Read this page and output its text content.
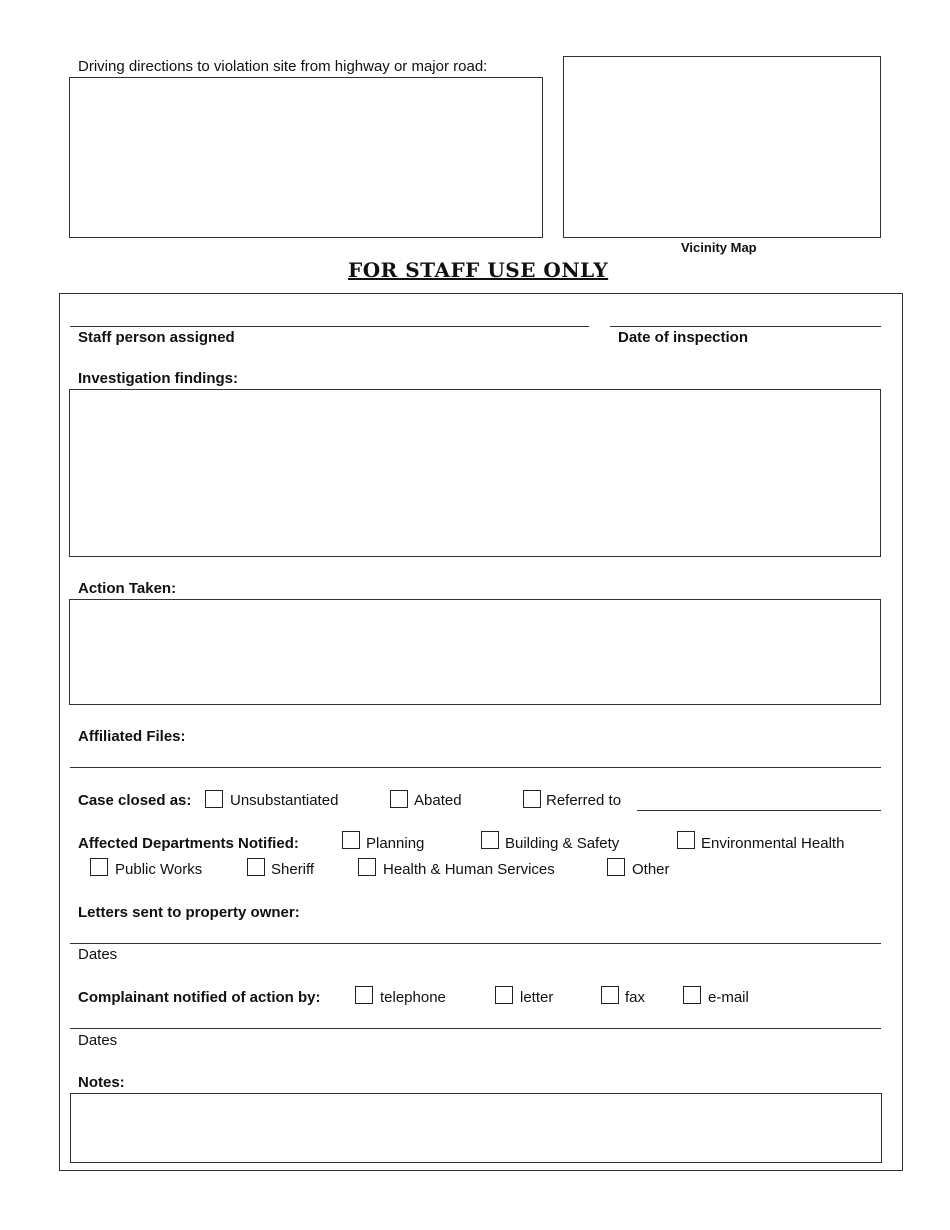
Driving directions to violation site from highway or major road:
Vicinity Map
FOR STAFF USE ONLY
Staff person assigned	Date of inspection
Investigation findings:
Action Taken:
Affiliated Files:
Case closed as:	Unsubstantiated	Abated	Referred to
Affected Departments Notified:	Planning	Building & Safety	Environmental Health
Public Works	Sheriff	Health & Human Services	Other
Letters sent to property owner:
Dates
Complainant notified of action by:	telephone	letter	fax	e-mail
Dates
Notes:
